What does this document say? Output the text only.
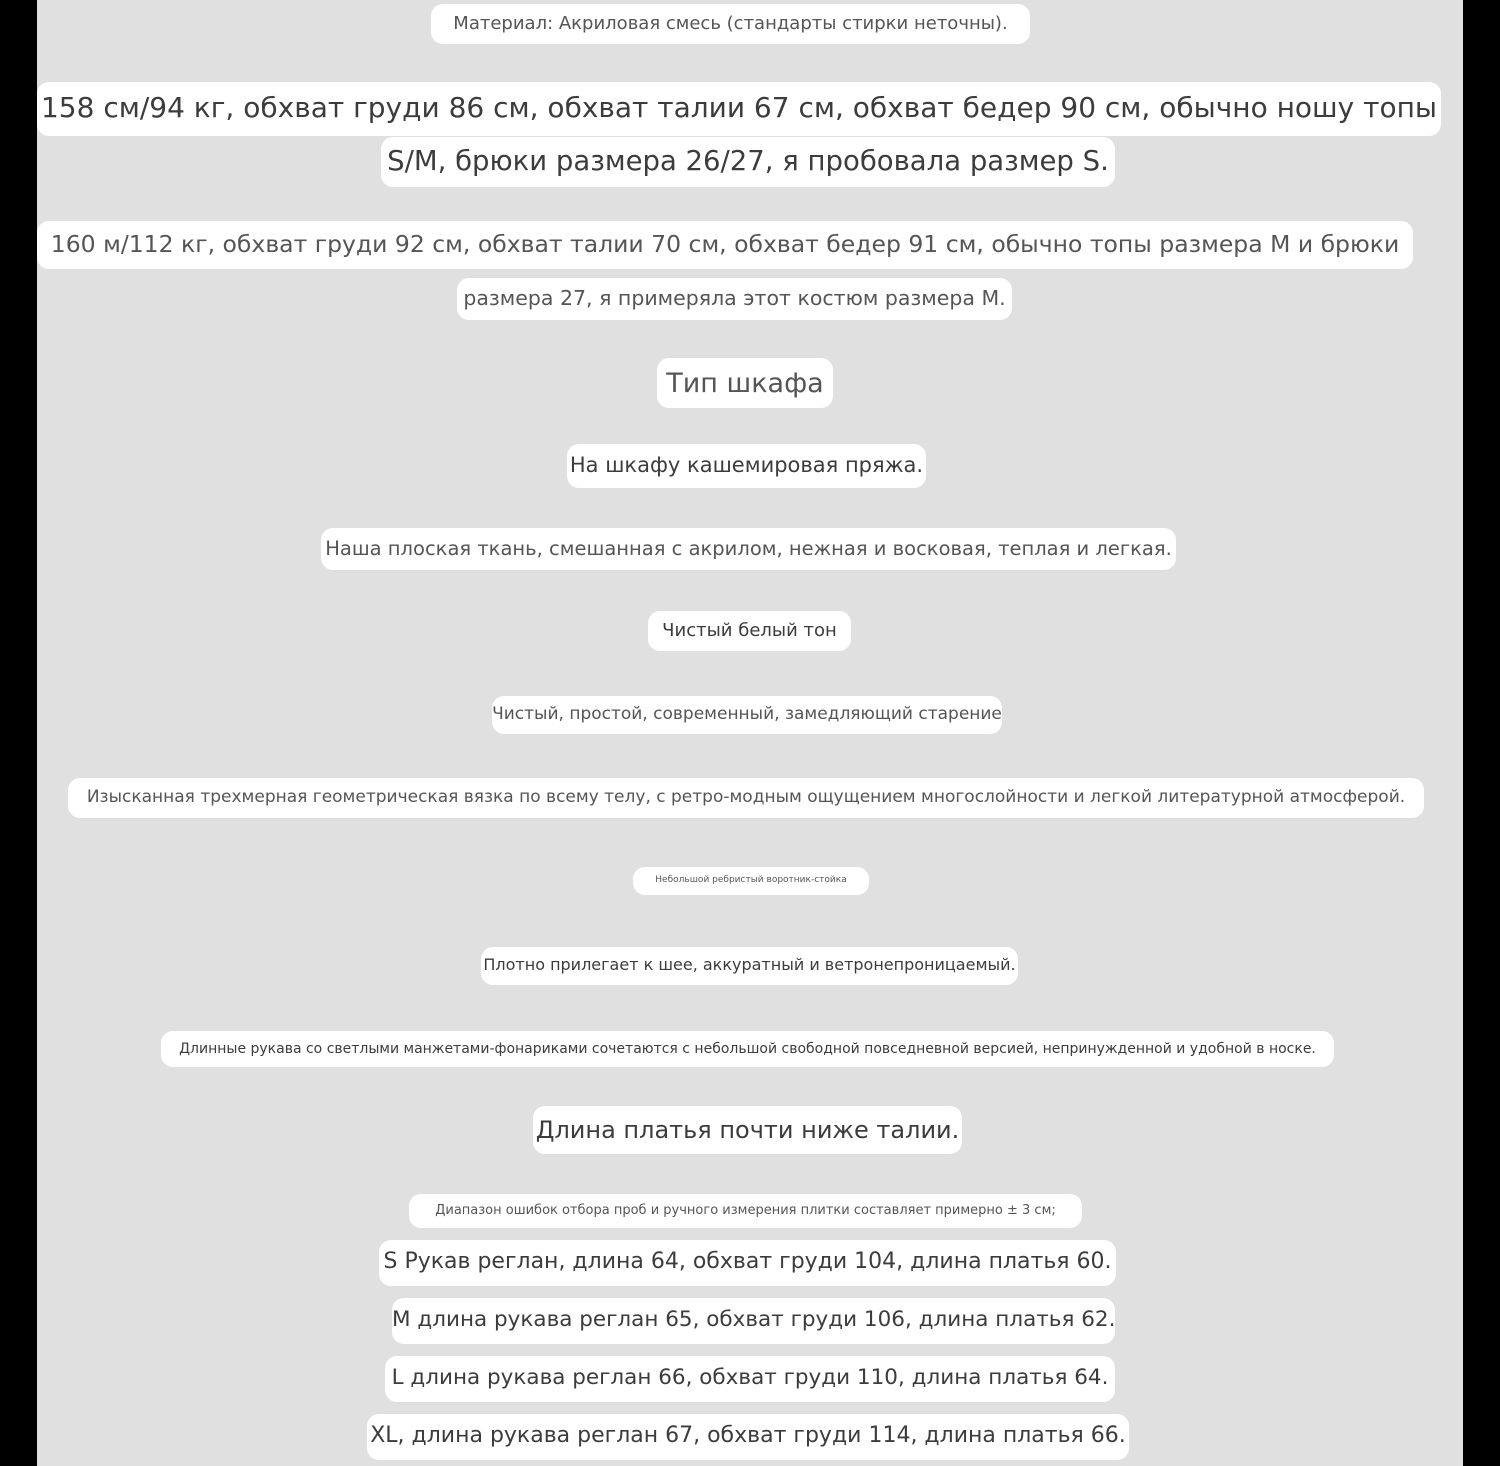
Материал: Акриловая смесь (стандарты стирки неточны).
158 см/94 кг, обхват груди 86 см, обхват талии 67 см, обхват бедер 90 см, обычно ношу топы
S/M, брюки размера 26/27, я пробовала размер S.
160 м/112 кг, обхват груди 92 см, обхват талии 70 см, обхват бедер 91 см, обычно топы размера M и брюки
размера 27, я примеряла этот костюм размера M.
Тип шкафа
На шкафу кашемировая пряжа.
Наша плоская ткань, смешанная с акрилом, нежная и восковая, теплая и легкая.
Чистый белый тон
Чистый, простой, современный, замедляющий старение
Изысканная трехмерная геометрическая вязка по всему телу, с ретро-модным ощущением многослойности и легкой литературной атмосферой.
Небольшой ребристый воротник-стойка
Плотно прилегает к шее, аккуратный и ветронепроницаемый.
Длинные рукава со светлыми манжетами-фонариками сочетаются с небольшой свободной повседневной версией, непринужденной и удобной в носке.
Длина платья почти ниже талии.
Диапазон ошибок отбора проб и ручного измерения плитки составляет примерно ± 3 см;
S Рукав реглан, длина 64, обхват груди 104, длина платья 60.
M длина рукава реглан 65, обхват груди 106, длина платья 62.
L длина рукава реглан 66, обхват груди 110, длина платья 64.
XL, длина рукава реглан 67, обхват груди 114, длина платья 66.
